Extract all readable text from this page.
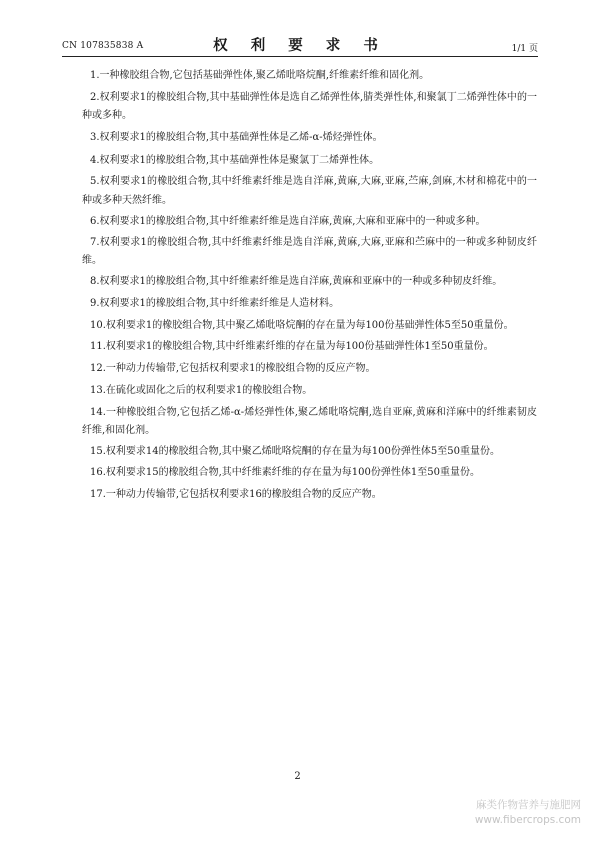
CN 107835838 A	权 利 要 求 书	1/1 页

1.一种橡胶组合物,它包括基础弹性体,聚乙烯吡咯烷酮,纤维素纤维和固化剂。

2.权利要求1的橡胶组合物,其中基础弹性体是选自乙烯弹性体,腈类弹性体,和聚氯丁二烯弹性体中的一种或多种。

3.权利要求1的橡胶组合物,其中基础弹性体是乙烯-α-烯烃弹性体。

4.权利要求1的橡胶组合物,其中基础弹性体是聚氯丁二烯弹性体。

5.权利要求1的橡胶组合物,其中纤维素纤维是选自洋麻,黄麻,大麻,亚麻,苎麻,剑麻,木材和棉花中的一种或多种天然纤维。

6.权利要求1的橡胶组合物,其中纤维素纤维是选自洋麻,黄麻,大麻和亚麻中的一种或多种。

7.权利要求1的橡胶组合物,其中纤维素纤维是选自洋麻,黄麻,大麻,亚麻和苎麻中的一种或多种韧皮纤维。

8.权利要求1的橡胶组合物,其中纤维素纤维是选自洋麻,黄麻和亚麻中的一种或多种韧皮纤维。

9.权利要求1的橡胶组合物,其中纤维素纤维是人造材料。

10.权利要求1的橡胶组合物,其中聚乙烯吡咯烷酮的存在量为每100份基础弹性体5至50重量份。

11.权利要求1的橡胶组合物,其中纤维素纤维的存在量为每100份基础弹性体1至50重量份。

12.一种动力传输带,它包括权利要求1的橡胶组合物的反应产物。

13.在硫化或固化之后的权利要求1的橡胶组合物。

14.一种橡胶组合物,它包括乙烯-α-烯烃弹性体,聚乙烯吡咯烷酮,选自亚麻,黄麻和洋麻中的纤维素韧皮纤维,和固化剂。

15.权利要求14的橡胶组合物,其中聚乙烯吡咯烷酮的存在量为每100份弹性体5至50重量份。

16.权利要求15的橡胶组合物,其中纤维素纤维的存在量为每100份弹性体1至50重量份。

17.一种动力传输带,它包括权利要求16的橡胶组合物的反应产物。

2
麻类作物营养与施肥网
www.fibercrops.com
